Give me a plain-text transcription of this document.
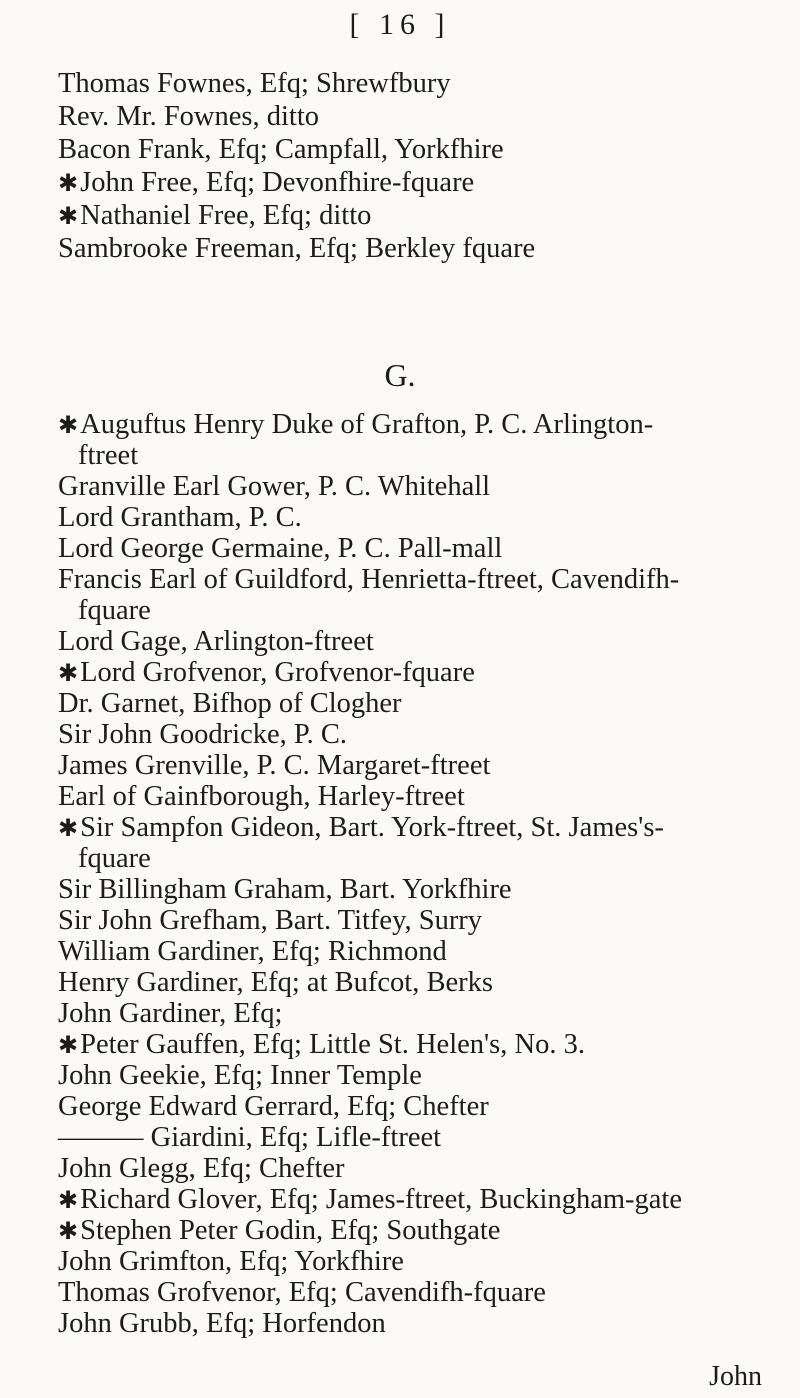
[ 16 ]
Thomas Fownes, Efq; Shrewfbury
Rev. Mr. Fownes, ditto
Bacon Frank, Efq; Campfall, Yorkfhire
✱John Free, Efq; Devonfhire-fquare
✱Nathaniel Free, Efq; ditto
Sambrooke Freeman, Efq; Berkley fquare
✱Auguftus Henry Duke of Grafton, P. C. Arlington-
ftreet
Granville Earl Gower, P. C. Whitehall
Lord Grantham, P. C.
Lord George Germaine, P. C. Pall-mall
Francis Earl of Guildford, Henrietta-ftreet, Cavendifh-
fquare
Lord Gage, Arlington-ftreet
✱Lord Grofvenor, Grofvenor-fquare
Dr. Garnet, Bifhop of Clogher
Sir John Goodricke, P. C.
James Grenville, P. C. Margaret-ftreet
Earl of Gainfborough, Harley-ftreet
✱Sir Sampfon Gideon, Bart. York-ftreet, St. James's-
fquare
Sir Billingham Graham, Bart. Yorkfhire
Sir John Grefham, Bart. Titfey, Surry
William Gardiner, Efq; Richmond
Henry Gardiner, Efq; at Bufcot, Berks
John Gardiner, Efq;
✱Peter Gauffen, Efq; Little St. Helen's, No. 3.
John Geekie, Efq; Inner Temple
George Edward Gerrard, Efq; Chefter
——— Giardini, Efq; Lifle-ftreet
John Glegg, Efq; Chefter
✱Richard Glover, Efq; James-ftreet, Buckingham-gate
✱Stephen Peter Godin, Efq; Southgate
John Grimfton, Efq; Yorkfhire
Thomas Grofvenor, Efq; Cavendifh-fquare
John Grubb, Efq; Horfendon
G.
John
